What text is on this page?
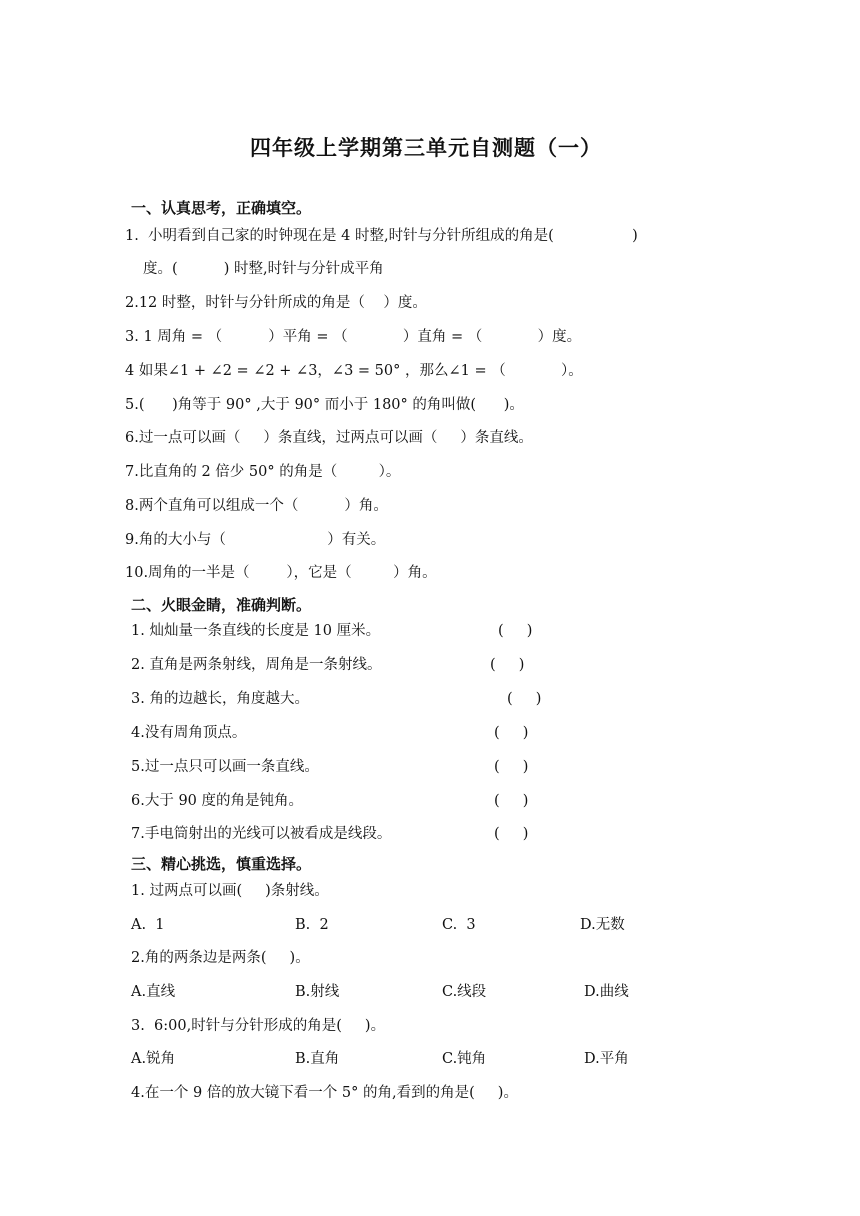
四年级上学期第三单元自测题（一）
一、认真思考，正确填空。
1.  小明看到自己家的时钟现在是 4 时整,时针与分针所组成的角是(                 )
度。(          ) 时整,时针与分针成平角
2.12 时整，时针与分针所成的角是（    ）度。
3. 1 周角 = （          ）平角 = （            ）直角 = （            ）度。
4 如果∠1 + ∠2 = ∠2 + ∠3，∠3 = 50° ，那么∠1 = （            ）。
5.(      )角等于 90° ,大于 90° 而小于 180° 的角叫做(      )。
6.过一点可以画（     ）条直线，过两点可以画（     ）条直线。
7.比直角的 2 倍少 50° 的角是（         ）。
8.两个直角可以组成一个（          ）角。
9.角的大小与（                      ）有关。
10.周角的一半是（        ），它是（         ）角。
二、火眼金睛，准确判断。
1. 灿灿量一条直线的长度是 10 厘米。	(     )
2. 直角是两条射线，周角是一条射线。	(     )
3. 角的边越长，角度越大。	(     )
4.没有周角顶点。	(     )
5.过一点只可以画一条直线。	(     )
6.大于 90 度的角是钝角。	(     )
7.手电筒射出的光线可以被看成是线段。	(     )
三、精心挑选，慎重选择。
1. 过两点可以画(     )条射线。
A.  1	B.  2	C.  3	D.无数
2.角的两条边是两条(     )。
A.直线	B.射线	C.线段	D.曲线
3.  6:00,时针与分针形成的角是(     )。
A.锐角	B.直角	C.钝角	D.平角
4.在一个 9 倍的放大镜下看一个 5° 的角,看到的角是(     )。
